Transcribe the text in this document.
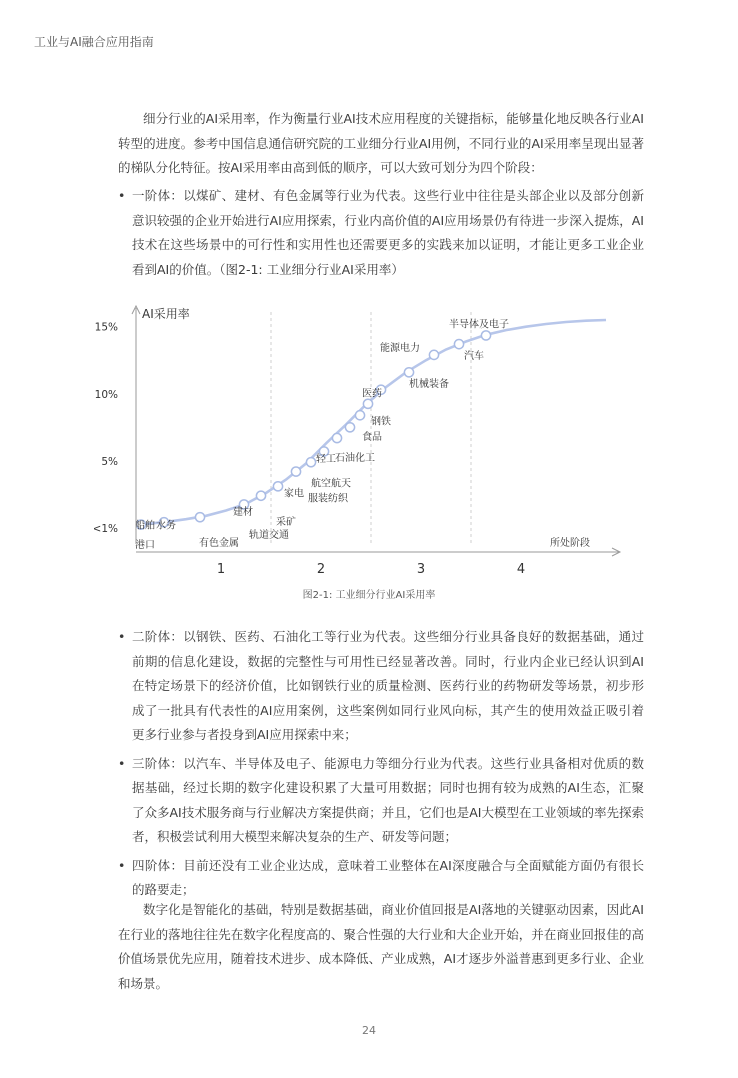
工业与AI融合应用指南

细分行业的AI采用率，作为衡量行业AI技术应用程度的关键指标，能够量化地反映各行业AI转型的进度。参考中国信息通信研究院的工业细分行业AI用例，不同行业的AI采用率呈现出显著的梯队分化特征。按AI采用率由高到低的顺序，可以大致可划分为四个阶段：

• 一阶体：以煤矿、建材、有色金属等行业为代表。这些行业中往往是头部企业以及部分创新意识较强的企业开始进行AI应用探索，行业内高价值的AI应用场景仍有待进一步深入提炼，AI技术在这些场景中的可行性和实用性也还需要更多的实践来加以证明，才能让更多工业企业看到AI的价值。（图2-1: 工业细分行业AI采用率）
船舶
港口
水务
有色金属
建材
轨道交通
采矿
家电 服装纺织
航空航天
轻工 石油化工
食品
钢铁
医药
机械装备
能源电力
汽车
半导体及电子
AI采用率
所处阶段
<1%
5%
10%
15%
1	2	3	4
图2-1: 工业细分行业AI采用率
• 二阶体：以钢铁、医药、石油化工等行业为代表。这些细分行业具备良好的数据基础，通过前期的信息化建设，数据的完整性与可用性已经显著改善。同时，行业内企业已经认识到AI在特定场景下的经济价值，比如钢铁行业的质量检测、医药行业的药物研发等场景，初步形成了一批具有代表性的AI应用案例，这些案例如同行业风向标，其产生的使用效益正吸引着更多行业参与者投身到AI应用探索中来；
• 三阶体：以汽车、半导体及电子、能源电力等细分行业为代表。这些行业具备相对优质的数据基础，经过长期的数字化建设积累了大量可用数据；同时也拥有较为成熟的AI生态，汇聚了众多AI技术服务商与行业解决方案提供商；并且，它们也是AI大模型在工业领域的率先探索者，积极尝试利用大模型来解决复杂的生产、研发等问题；
• 四阶体：目前还没有工业企业达成，意味着工业整体在AI深度融合与全面赋能方面仍有很长的路要走；

数字化是智能化的基础，特别是数据基础，商业价值回报是AI落地的关键驱动因素，因此AI在行业的落地往往先在数字化程度高的、聚合性强的大行业和大企业开始，并在商业回报佳的高价值场景优先应用，随着技术进步、成本降低、产业成熟，AI才逐步外溢普惠到更多行业、企业和场景。

24
